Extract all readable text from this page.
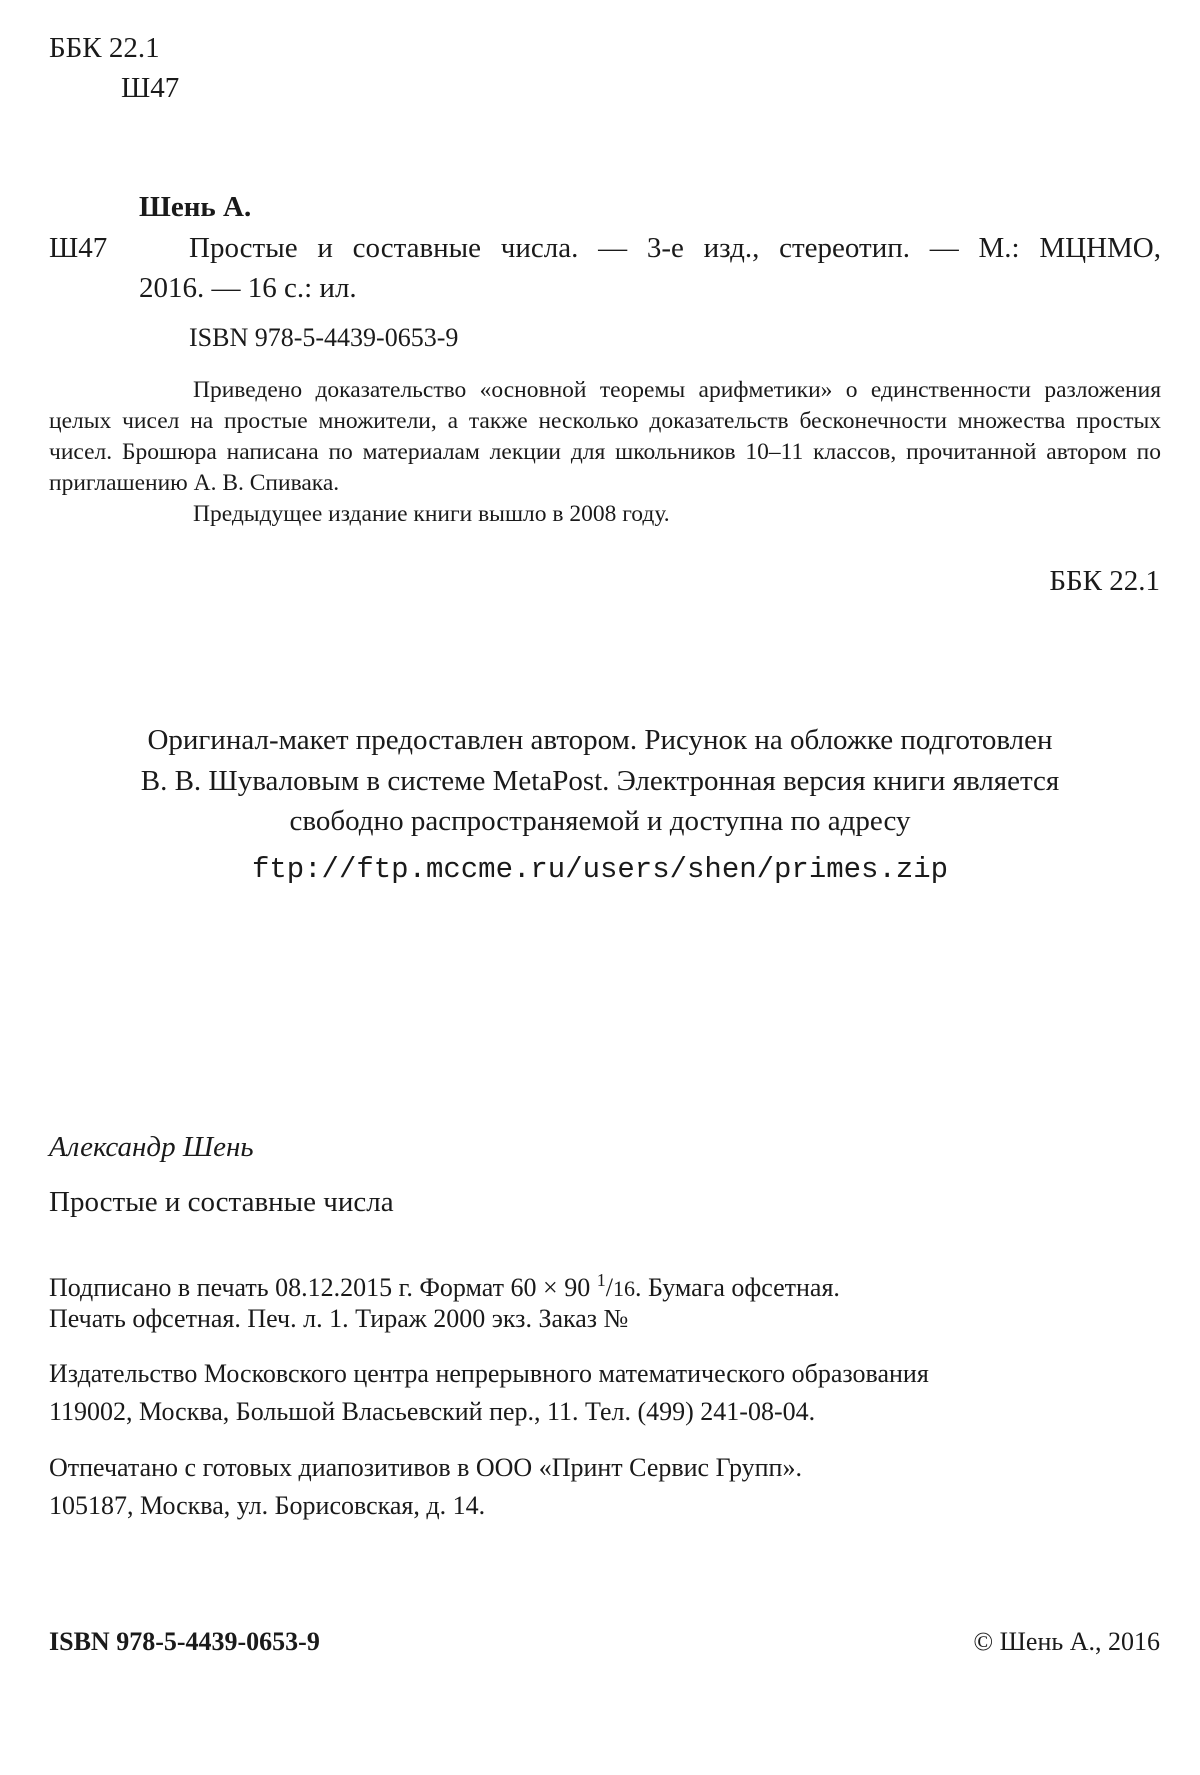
ББК 22.1
Ш47
Шень А.
Ш47	Простые и составные числа. — 3-е изд., стереотип. — М.: МЦНМО,
2016. — 16 с.: ил.
ISBN 978-5-4439-0653-9

Приведено доказательство «основной теоремы арифметики» о единственности разложения целых чисел на простые множители, а также несколько доказательств бесконечности множества простых чисел. Брошюра написана по материалам лекции для школьников 10–11 классов, прочитанной автором по приглашению А. В. Спивака.

Предыдущее издание книги вышло в 2008 году.

ББК 22.1
Оригинал-макет предоставлен автором. Рисунок на обложке подготовлен
В. В. Шуваловым в системе MetaPost. Электронная версия книги является
свободно распространяемой и доступна по адресу
ftp://ftp.mccme.ru/users/shen/primes.zip
Александр Шень
Простые и составные числа
Подписано в печать 08.12.2015 г. Формат 60 × 90 $^1$/16. Бумага офсетная.
Печать офсетная. Печ. л. 1. Тираж 2000 экз. Заказ №
Издательство Московского центра непрерывного математического образования
119002, Москва, Большой Власьевский пер., 11. Тел. (499) 241-08-04.
Отпечатано с готовых диапозитивов в ООО «Принт Сервис Групп».
105187, Москва, ул. Борисовская, д. 14.
ISBN 978-5-4439-0653-9	© Шень А., 2016
